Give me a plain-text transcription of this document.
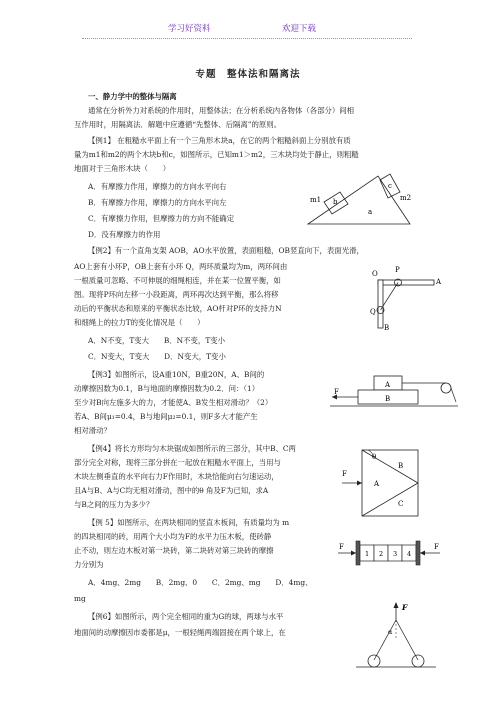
学习好资料	欢迎下载
专题　整体法和隔离法
一、静力学中的整体与隔离
通常在分析外力对系统的作用时，用整体法；在分析系统内各物体（各部分）间相
互作用时，用隔离法．解题中应遵循“先整体、后隔离”的原则。
【例1】 在粗糙水平面上有一个三角形木块a，在它的两个粗糙斜面上分别放有质
量为m1和m2的两个木块b和c，如图所示，已知m1＞m2，三木块均处于静止，则粗糙
地面对于三角形木块（　　）
A．有摩擦力作用，摩擦力的方向水平向右
B．有摩擦力作用，摩擦力的方向水平向左
C．有摩擦力作用，但摩擦力的方向不能确定
D．没有摩擦力的作用
m1 b
c
m2
a
【例2】有一个直角支架 AOB，AO水平放置，表面粗糙，OB竖直向下，表面光滑，
AO上套有小环P，OB上套有小环 Q，两环质量均为m，两环间由
一根质量可忽略、不可伸展的细绳相连，并在某一位置平衡，如
图。现将P环向左移一小段距离，两环再次达到平衡，那么将移
动后的平衡状态和原来的平衡状态比较，AO杆对P环的支持力N
和细绳上的拉力T的变化情况是（　　）
A．N不变，T变大　　B．N不变，T变小
C．N变大，T变大　　D．N变大，T变小
O P
A
Q
B
【例3】如图所示，设A重10N，B重20N，A、B间的
动摩擦因数为0.1，B与地面的摩擦因数为0.2．问：（1）
至少对B向左施多大的力，才能使A、B发生相对滑动？（2）
若A、B间μ₁=0.4，B与地间μ₂=0.1，则F多大才能产生
相对滑动？
F
A
B
【例4】将长方形均匀木块锯成如图所示的三部分，其中B、C两
部分完全对称，现将三部分拼在一起放在粗糙水平面上，当用与
木块左侧垂直的水平向右力F作用时，木块恰能向右匀速运动，
且A与B、A与C均无相对滑动，图中的θ 角及F为已知，求A
与B之间的压力为多少？
θ
B
F
A
C
【例 5】如图所示，在两块相同的竖直木板间，有质量均为 m
的四块相同的砖，用两个大小均为F的水平力压木板，使砖静
止不动，则左边木板对第一块砖，第二块砖对第三块砖的摩擦
力分别为
A．4mg、2mg　　B．2mg、0　　C．2mg、mg　　D．4mg、
mg
F	F
1 2 3 4
【例6】如图所示，两个完全相同的重为G的球，两球与水平
地面间的动摩擦因市委都是μ，一根轻绳两端固接在两个球上，在
F
α
